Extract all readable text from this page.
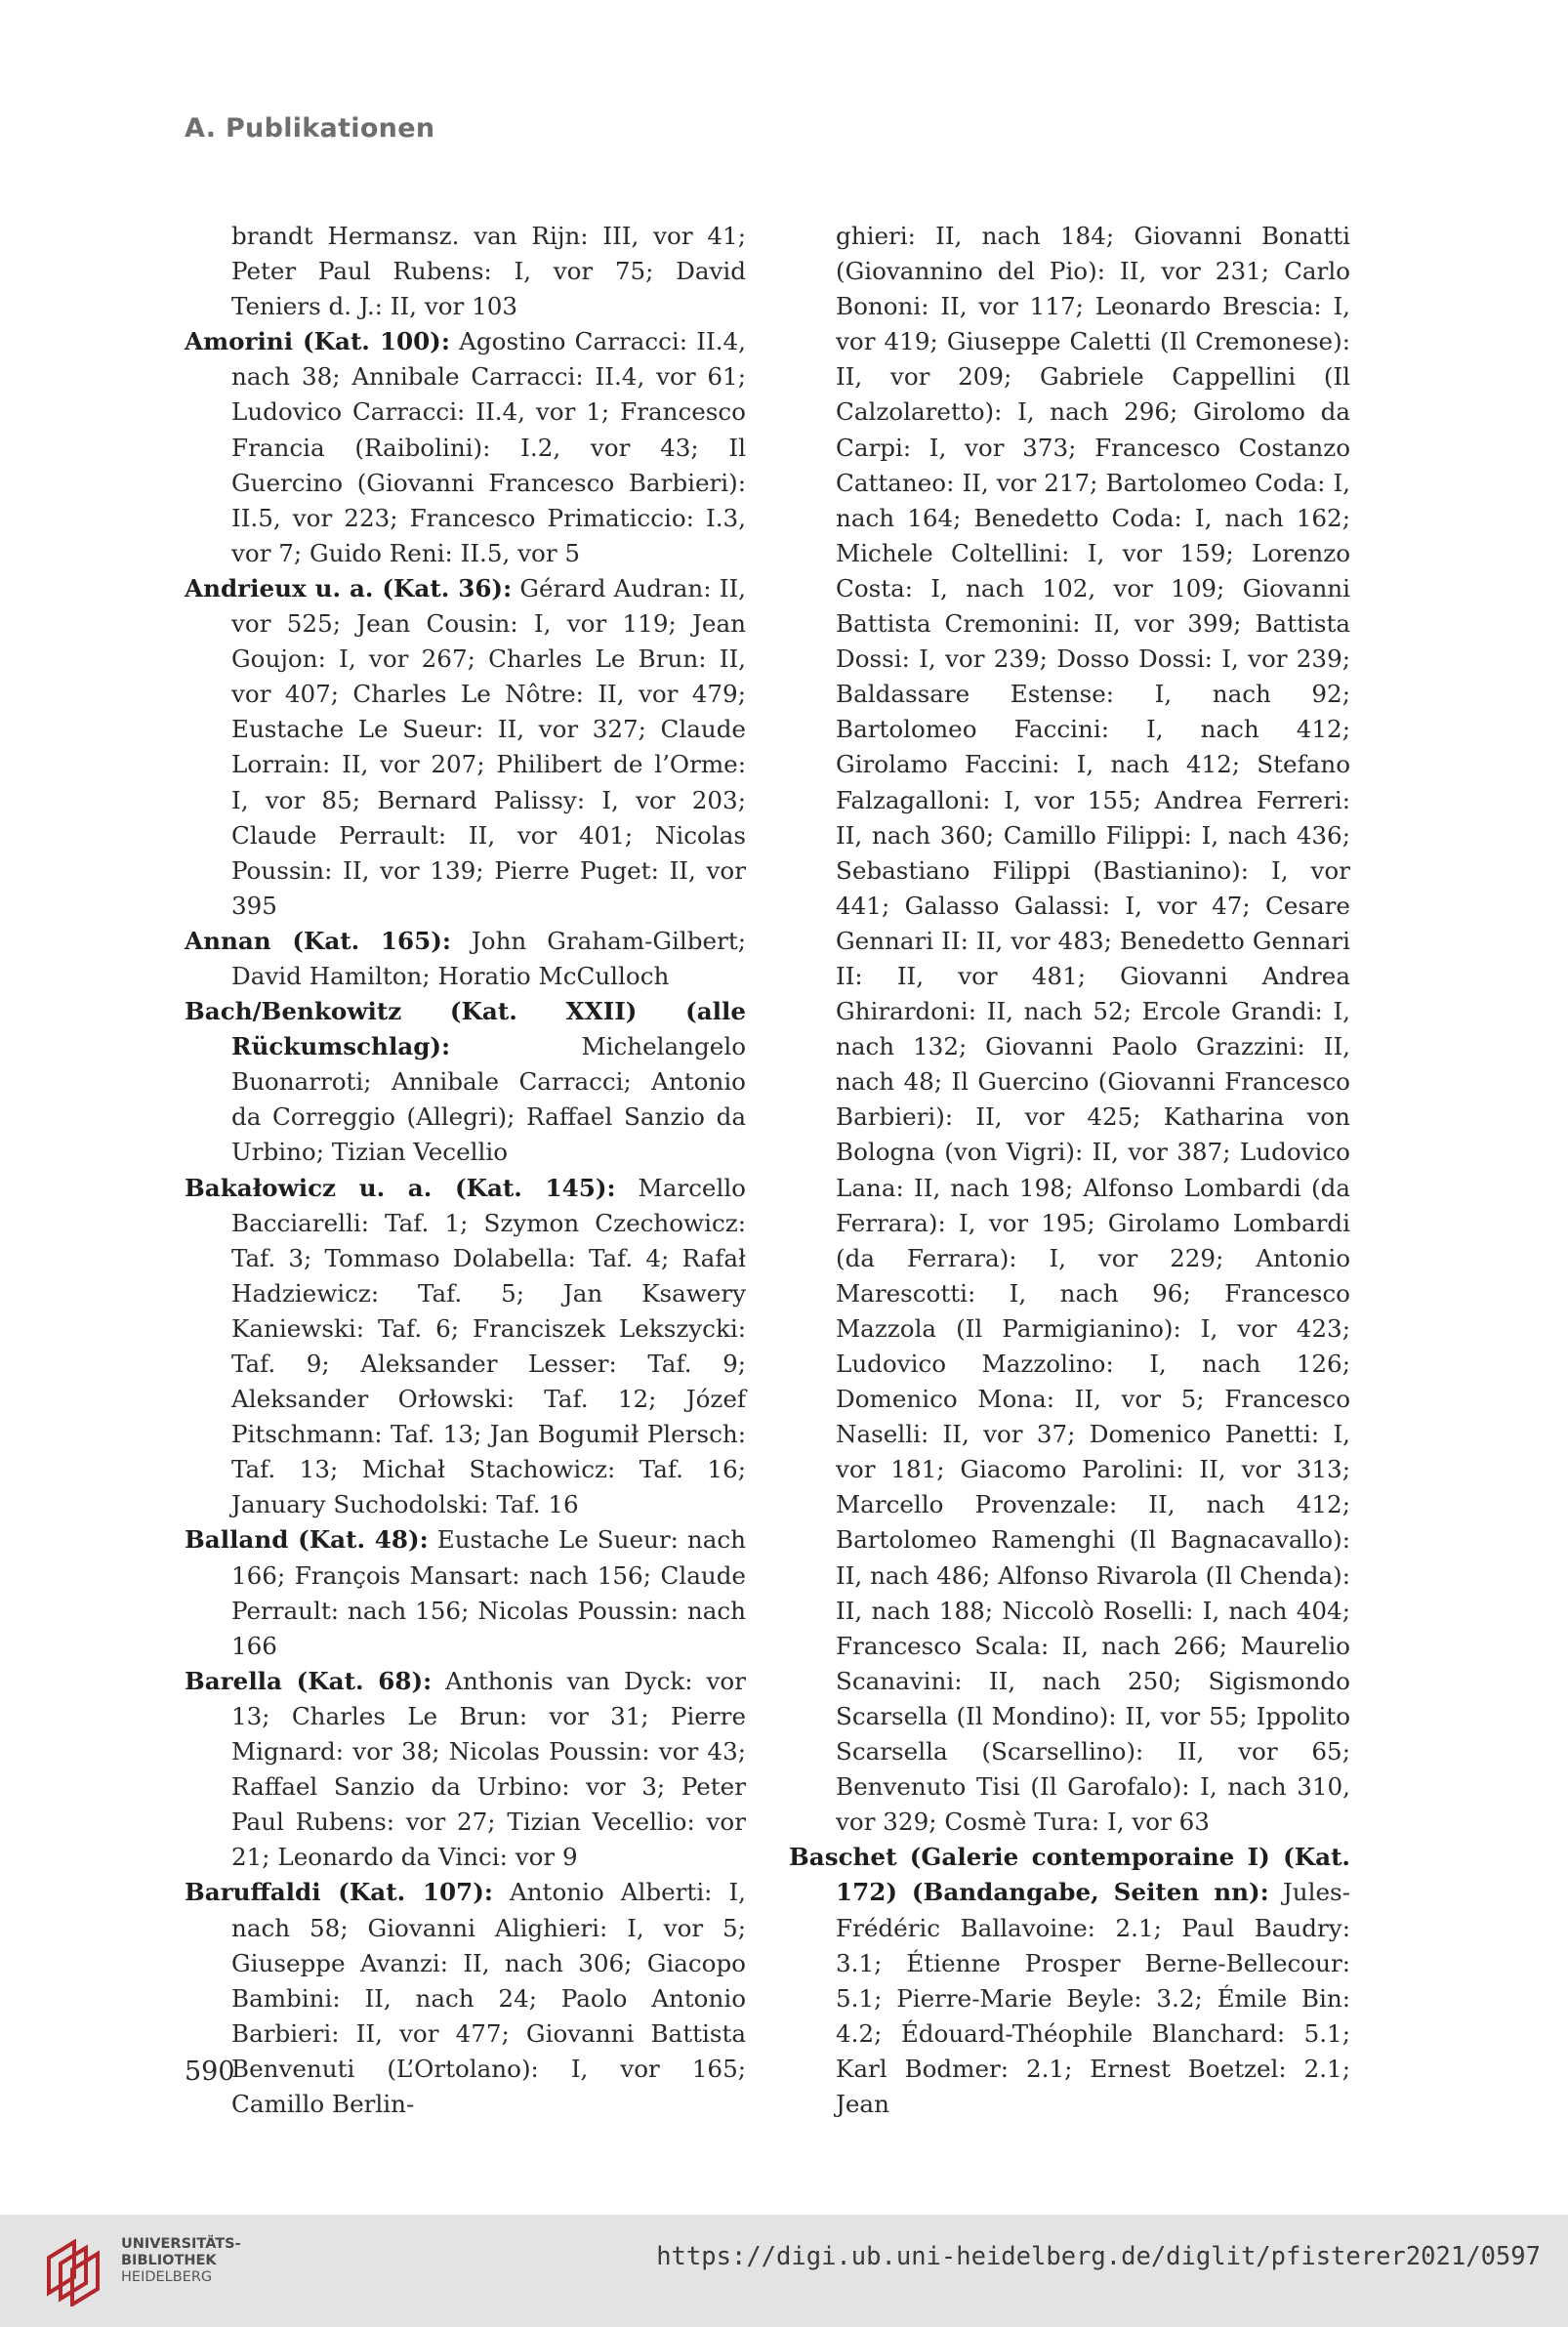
A. Publikationen

brandt Hermansz. van Rijn: III, vor 41; Peter Paul Rubens: I, vor 75; David Teniers d. J.: II, vor 103

Amorini (Kat. 100): Agostino Carracci: II.4, nach 38; Annibale Carracci: II.4, vor 61; Ludovico Carracci: II.4, vor 1; Francesco Francia (Raibolini): I.2, vor 43; Il Guercino (Giovanni Francesco Barbieri): II.5, vor 223; Francesco Primaticcio: I.3, vor 7; Guido Reni: II.5, vor 5

Andrieux u. a. (Kat. 36): Gérard Audran: II, vor 525; Jean Cousin: I, vor 119; Jean Goujon: I, vor 267; Charles Le Brun: II, vor 407; Charles Le Nôtre: II, vor 479; Eustache Le Sueur: II, vor 327; Claude Lorrain: II, vor 207; Philibert de l’Orme: I, vor 85; Bernard Palissy: I, vor 203; Claude Perrault: II, vor 401; Nicolas Poussin: II, vor 139; Pierre Puget: II, vor 395

Annan (Kat. 165): John Graham-Gilbert; David Hamilton; Horatio McCulloch

Bach/Benkowitz (Kat. XXII) (alle Rückumschlag): Michelangelo Buonarroti; Annibale Carracci; Antonio da Correggio (Allegri); Raffael Sanzio da Urbino; Tizian Vecellio

Bakałowicz u. a. (Kat. 145): Marcello Bacciarelli: Taf. 1; Szymon Czechowicz: Taf. 3; Tommaso Dolabella: Taf. 4; Rafał Hadziewicz: Taf. 5; Jan Ksawery Kaniewski: Taf. 6; Franciszek Lekszycki: Taf. 9; Aleksander Lesser: Taf. 9; Aleksander Orłowski: Taf. 12; Józef Pitschmann: Taf. 13; Jan Bogumił Plersch: Taf. 13; Michał Stachowicz: Taf. 16; January Suchodolski: Taf. 16

Balland (Kat. 48): Eustache Le Sueur: nach 166; François Mansart: nach 156; Claude Perrault: nach 156; Nicolas Poussin: nach 166

Barella (Kat. 68): Anthonis van Dyck: vor 13; Charles Le Brun: vor 31; Pierre Mignard: vor 38; Nicolas Poussin: vor 43; Raffael Sanzio da Urbino: vor 3; Peter Paul Rubens: vor 27; Tizian Vecellio: vor 21; Leonardo da Vinci: vor 9

Baruffaldi (Kat. 107): Antonio Alberti: I, nach 58; Giovanni Alighieri: I, vor 5; Giuseppe Avanzi: II, nach 306; Giacopo Bambini: II, nach 24; Paolo Antonio Barbieri: II, vor 477; Giovanni Battista Benvenuti (L’Ortolano): I, vor 165; Camillo Berlin-

ghieri: II, nach 184; Giovanni Bonatti (Giovannino del Pio): II, vor 231; Carlo Bononi: II, vor 117; Leonardo Brescia: I, vor 419; Giuseppe Caletti (Il Cremonese): II, vor 209; Gabriele Cappellini (Il Calzolaretto): I, nach 296; Girolomo da Carpi: I, vor 373; Francesco Costanzo Cattaneo: II, vor 217; Bartolomeo Coda: I, nach 164; Benedetto Coda: I, nach 162; Michele Coltellini: I, vor 159; Lorenzo Costa: I, nach 102, vor 109; Giovanni Battista Cremonini: II, vor 399; Battista Dossi: I, vor 239; Dosso Dossi: I, vor 239; Baldassare Estense: I, nach 92; Bartolomeo Faccini: I, nach 412; Girolamo Faccini: I, nach 412; Stefano Falzagalloni: I, vor 155; Andrea Ferreri: II, nach 360; Camillo Filippi: I, nach 436; Sebastiano Filippi (Bastianino): I, vor 441; Galasso Galassi: I, vor 47; Cesare Gennari II: II, vor 483; Benedetto Gennari II: II, vor 481; Giovanni Andrea Ghirardoni: II, nach 52; Ercole Grandi: I, nach 132; Giovanni Paolo Grazzini: II, nach 48; Il Guercino (Giovanni Francesco Barbieri): II, vor 425; Katharina von Bologna (von Vigri): II, vor 387; Ludovico Lana: II, nach 198; Alfonso Lombardi (da Ferrara): I, vor 195; Girolamo Lombardi (da Ferrara): I, vor 229; Antonio Marescotti: I, nach 96; Francesco Mazzola (Il Parmigianino): I, vor 423; Ludovico Mazzolino: I, nach 126; Domenico Mona: II, vor 5; Francesco Naselli: II, vor 37; Domenico Panetti: I, vor 181; Giacomo Parolini: II, vor 313; Marcello Provenzale: II, nach 412; Bartolomeo Ramenghi (Il Bagnacavallo): II, nach 486; Alfonso Rivarola (Il Chenda): II, nach 188; Niccolò Roselli: I, nach 404; Francesco Scala: II, nach 266; Maurelio Scanavini: II, nach 250; Sigismondo Scarsella (Il Mondino): II, vor 55; Ippolito Scarsella (Scarsellino): II, vor 65; Benvenuto Tisi (Il Garofalo): I, nach 310, vor 329; Cosmè Tura: I, vor 63

Baschet (Galerie contemporaine I) (Kat. 172) (Bandangabe, Seiten nn): Jules-Frédéric Ballavoine: 2.1; Paul Baudry: 3.1; Étienne Prosper Berne-Bellecour: 5.1; Pierre-Marie Beyle: 3.2; Émile Bin: 4.2; Édouard-Théophile Blanchard: 5.1; Karl Bodmer: 2.1; Ernest Boetzel: 2.1; Jean

590
UNIVERSITÄTS-
BIBLIOTHEK
HEIDELBERG
https://digi.ub.uni-heidelberg.de/diglit/pfisterer2021/0597
